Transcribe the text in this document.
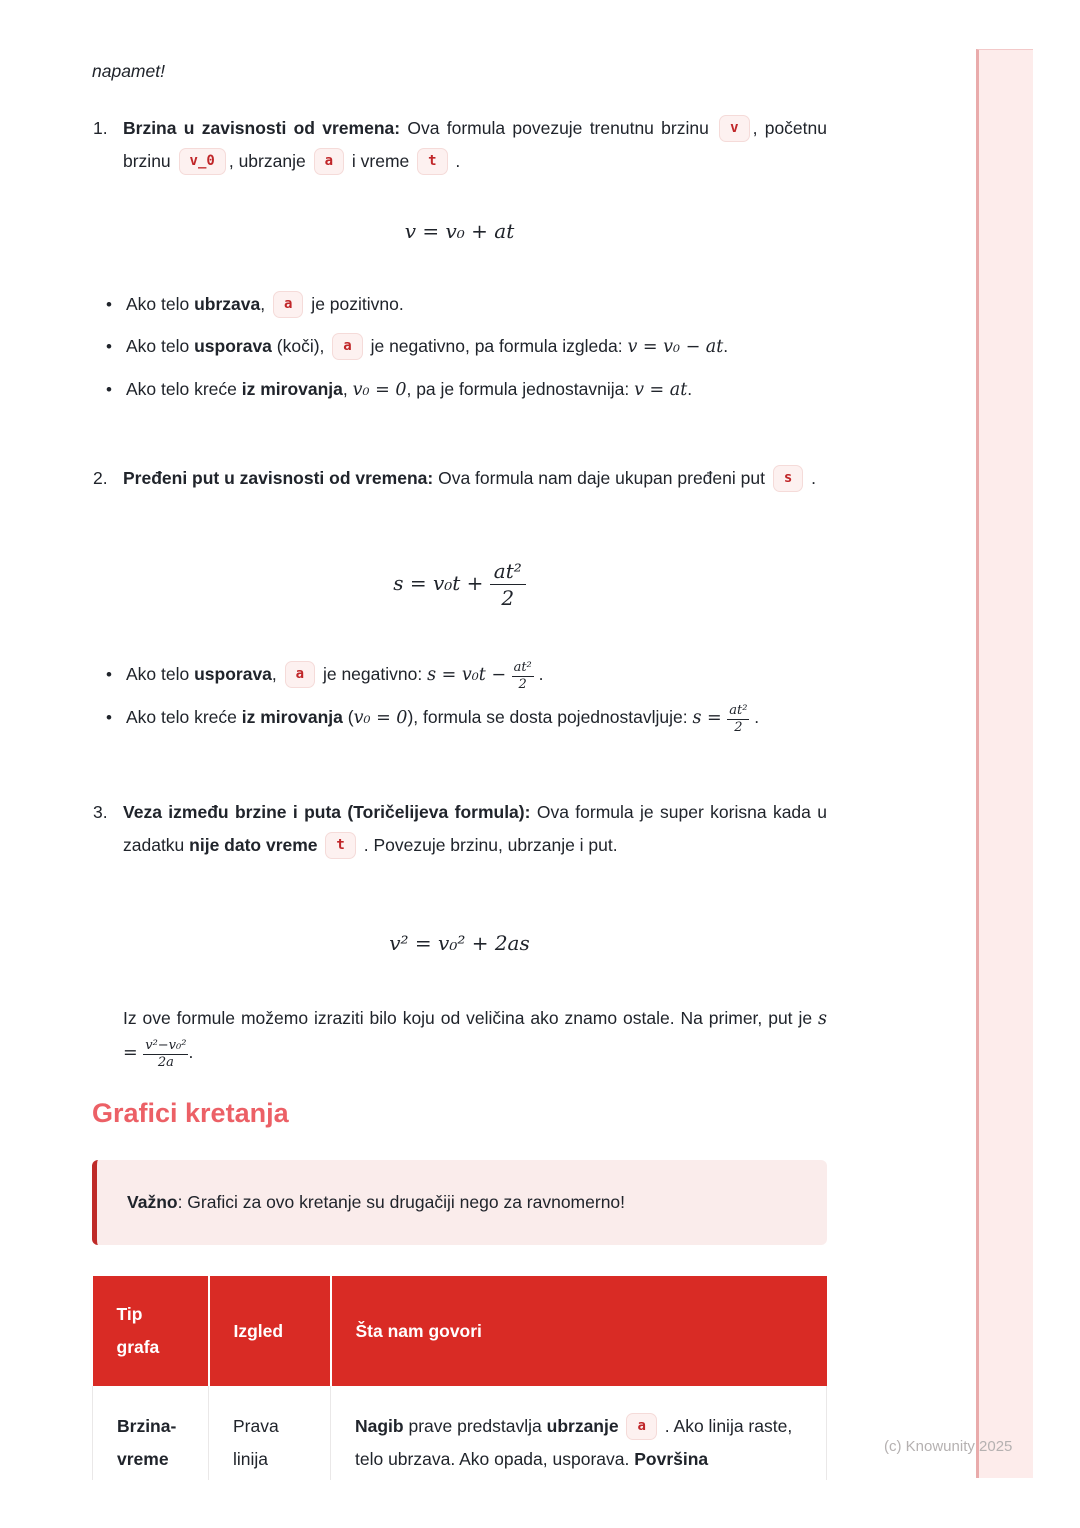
(c) Knowunity 2025

napamet!

1. Brzina u zavisnosti od vremena: Ova formula povezuje trenutnu brzinu v , početnu brzinu v_0 , ubrzanje a i vreme t .

v = v₀ + at
• Ako telo ubrzava, a je pozitivno.
• Ako telo usporava (koči), a je negativno, pa formula izgleda: v = v₀ − at.
• Ako telo kreće iz mirovanja, v₀ = 0, pa je formula jednostavnija: v = at.
2. Pređeni put u zavisnosti od vremena: Ova formula nam daje ukupan pređeni put s .

$s = v_0t + \frac{\text{at²}}{2}$
• Ako telo usporava, a je negativno: $s = v_0t - \frac{\text{at²}}{2}$ .
• Ako telo kreće iz mirovanja (v₀ = 0), formula se dosta pojednostavljuje: $s = \frac{\text{at²}}{2}$ .
3. Veza između brzine i puta (Toričelijeva formula): Ova formula je super korisna kada u zadatku nije dato vreme t . Povezuje brzinu, ubrzanje i put.

v² = v₀² + 2as

Iz ove formule možemo izraziti bilo koju od veličina ako znamo ostale. Na primer, put je $s = \frac{\text{v²−v₀²}}{2a}$ .

Grafici kretanja

Važno: Grafici za ovo kretanje su drugačiji nego za ravnomerno!

Tip grafa	Izgled	Šta nam govori
Brzina-vreme	Prava linija	Nagib prave predstavlja ubrzanje a . Ako linija raste, telo ubrzava. Ako opada, usporava. Površina
